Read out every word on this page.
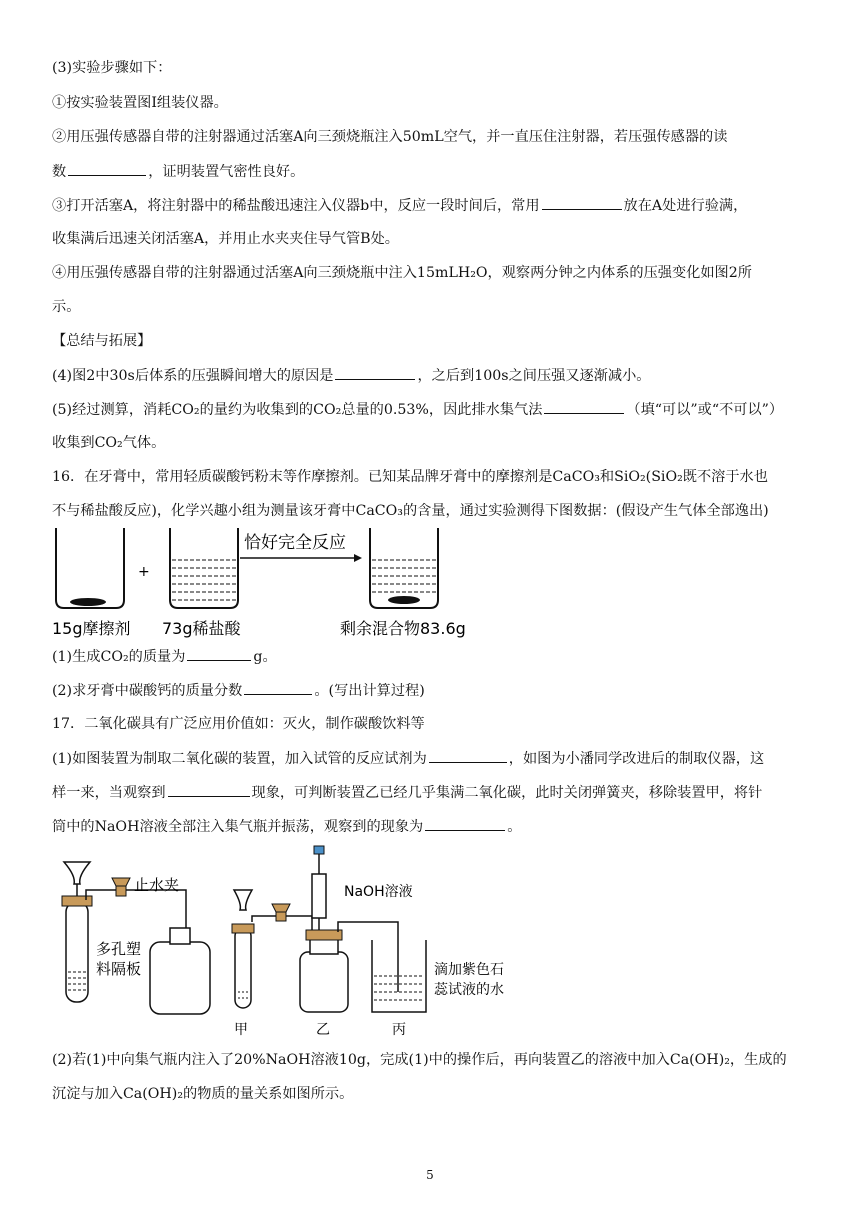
(3)实验步骤如下：
①按实验装置图Ⅰ组装仪器。
②用压强传感器自带的注射器通过活塞A向三颈烧瓶注入50mL空气，并一直压住注射器，若压强传感器的读
数	，证明装置气密性良好。
③打开活塞A，将注射器中的稀盐酸迅速注入仪器b中，反应一段时间后，常用	放在A处进行验满，
收集满后迅速关闭活塞A，并用止水夹夹住导气管B处。
④用压强传感器自带的注射器通过活塞A向三颈烧瓶中注入15mLH₂O，观察两分钟之内体系的压强变化如图2所
示。
【总结与拓展】
(4)图2中30s后体系的压强瞬间增大的原因是	，之后到100s之间压强又逐渐减小。
(5)经过测算，消耗CO₂的量约为收集到的CO₂总量的0.53%，因此排水集气法	（填“可以”或“不可以”）
收集到CO₂气体。
16．在牙膏中，常用轻质碳酸钙粉末等作摩擦剂。已知某品牌牙膏中的摩擦剂是CaCO₃和SiO₂(SiO₂既不溶于水也
不与稀盐酸反应)，化学兴趣小组为测量该牙膏中CaCO₃的含量，通过实验测得下图数据：(假设产生气体全部逸出)
+
恰好完全反应
15g摩擦剂 73g稀盐酸	剩余混合物83.6g
(1)生成CO₂的质量为	g。
(2)求牙膏中碳酸钙的质量分数	。(写出计算过程)
17．二氧化碳具有广泛应用价值如：灭火，制作碳酸饮料等
(1)如图装置为制取二氧化碳的装置，加入试管的反应试剂为	，如图为小潘同学改进后的制取仪器，这
样一来，当观察到	现象，可判断装置乙已经几乎集满二氧化碳，此时关闭弹簧夹，移除装置甲，将针
筒中的NaOH溶液全部注入集气瓶并振荡，观察到的现象为	。
止水夹
多孔塑
料隔板
NaOH溶液
滴加紫色石
蕊试液的水
甲	乙	丙
(2)若(1)中向集气瓶内注入了20%NaOH溶液10g，完成(1)中的操作后，再向装置乙的溶液中加入Ca(OH)₂，生成的
沉淀与加入Ca(OH)₂的物质的量关系如图所示。
5
